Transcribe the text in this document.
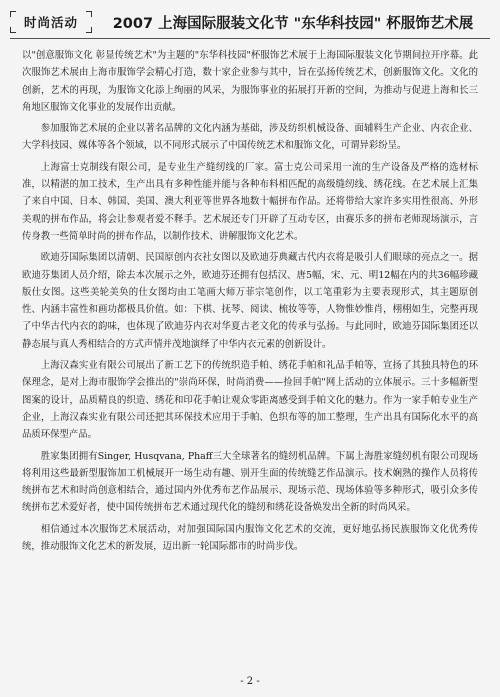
时尚活动	2007 上海国际服装文化节 "东华科技园" 杯服饰艺术展

以"创意服饰文化 彰显传统艺术"为主题的"东华科技园"杯服饰艺术展于上海国际服装文化节期间拉开序幕。此次服饰艺术展由上海市服饰学会精心打造，数十家企业参与其中，旨在弘扬传统艺术，创新服饰文化。文化的创新，艺术的再现，为服饰文化添上绚丽的风采，为服饰事业的拓展打开新的空间，为推动与促进上海和长三角地区服饰文化事业的发展作出贡献。

参加服饰艺术展的企业以著名品牌的文化内涵为基础，涉及纺织机械设备、面辅料生产企业、内衣企业、大学科技园、媒体等各个领域，以不同形式展示了中国传统艺术和服饰文化，可谓异彩纷呈。

上海富士克制线有限公司，是专业生产缝纫线的厂家。富士克公司采用一流的生产设备及严格的选材标准，以精湛的加工技术，生产出具有多种性能并能与各种布料相匹配的高级缝纫线、绣花线。在艺术展上汇集了来自中国、日本、韩国、美国、澳大利亚等世界各地数十幅拼布作品。还将带给大家许多实用性很高、外形美观的拼布作品，将会让参观者爱不释手。艺术展还专门开辟了互动专区，由赛乐多的拼布老师现场演示，言传身教一些简单时尚的拼布作品，以制作技术、讲解服饰文化艺术。

欧迪芬国际集团以清朝、民国原创内衣社女图以及欧迪芬典藏古代内衣将是吸引人们眼球的亮点之一。据欧迪芬集团人员介绍，除去本次展示之外，欧迪芬还拥有包括汉、唐5幅，宋、元、明12幅在内的共36幅珍藏版仕女图。这些美轮美奂的仕女图均由工笔画大师万菲宗笔创作，以工笔重彩为主要表现形式，其主题原创性、内涵丰富性和画功都极具价值。如：下棋、抚琴、阅读、梳妆等等，人物惟妙惟肖，栩栩如生，完整再现了中华古代内衣的韵味，也体现了欧迪芬内衣对华夏古老文化的传承与弘扬。与此同时，欧迪芬国际集团还以静态展与真人秀相结合的方式声情并茂地演绎了中华内衣元素的创新设计。

上海汉森实业有限公司展出了新工艺下的传统织造手帕、绣花手帕和礼品手帕等，宣扬了其独具特色的环保理念，是对上海市服饰学会推出的"崇尚环保，时尚消费——捡回手帕"网上活动的立体展示。三十多幅新型图案的设计，品质精良的织造、绣花和印花手帕让观众零距离感受到手帕文化的魅力。作为一家手帕专业生产企业，上海汉森实业有限公司还把其环保技术应用于手帕、色织布等的加工整理，生产出具有国际化水平的高品质环保型产品。

胜家集团拥有Singer, Husqvana, Phaff三大全球著名的缝纫机品牌。下属上海胜家缝纫机有限公司现场将利用这些最新型服饰加工机械展开一场生动有趣、别开生面的传统缝艺作品演示。技术娴熟的操作人员将传统拼布艺术和时尚创意相结合，通过国内外优秀布艺作品展示、现场示范、现场体验等多种形式，吸引众多传统拼布艺术爱好者，使中国传统拼布艺术通过现代化的缝纫和绣花设备焕发出全新的时尚风采。

相信通过本次服饰艺术展活动，对加强国际国内服饰文化艺术的交流，更好地弘扬民族服饰文化优秀传统，推动服饰文化艺术的新发展，迈出新一轮国际都市的时尚步伐。

- 2 -
